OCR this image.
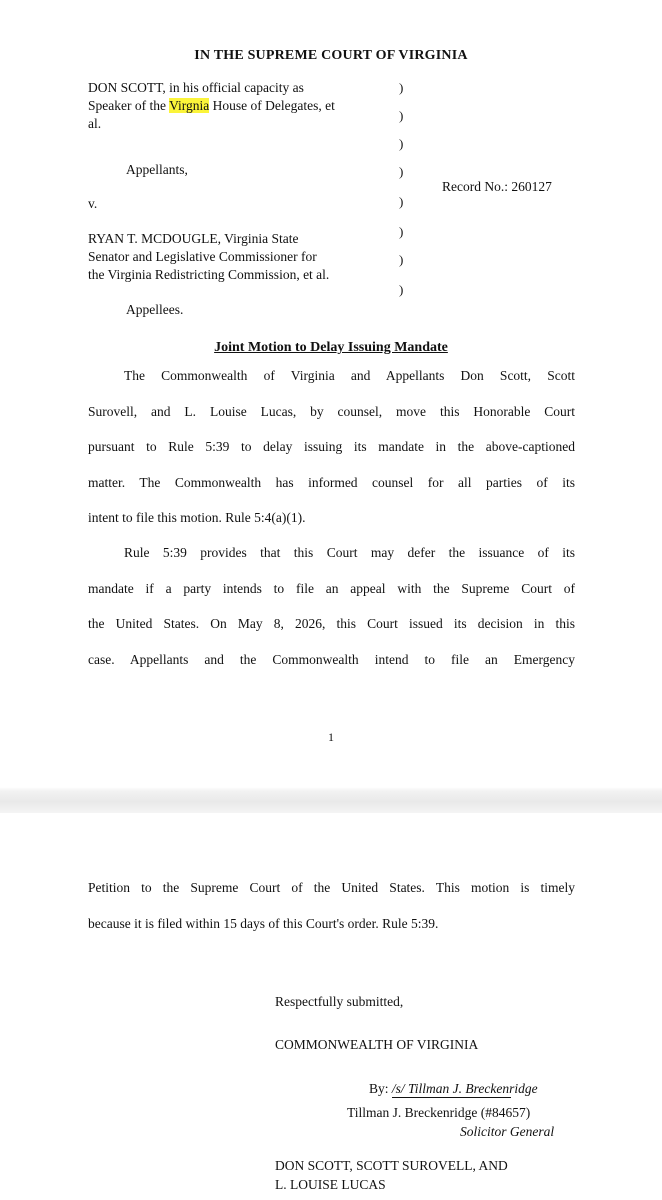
IN THE SUPREME COURT OF VIRGINIA
DON SCOTT, in his official capacity as
Speaker of the Virgnia House of Delegates, et
al.
Appellants,
v.
RYAN T. MCDOUGLE, Virginia State
Senator and Legislative Commissioner for
the Virginia Redistricting Commission, et al.
Appellees.
Record No.: 260127
)
)
)
)
)
)
)
)
Joint Motion to Delay Issuing Mandate
The Commonwealth of Virginia and Appellants Don Scott, Scott
Surovell, and L. Louise Lucas, by counsel, move this Honorable Court
pursuant to Rule 5:39 to delay issuing its mandate in the above-captioned
matter. The Commonwealth has informed counsel for all parties of its
intent to file this motion. Rule 5:4(a)(1).
Rule 5:39 provides that this Court may defer the issuance of its
mandate if a party intends to file an appeal with the Supreme Court of
the United States. On May 8, 2026, this Court issued its decision in this
case. Appellants and the Commonwealth intend to file an Emergency
1
Petition to the Supreme Court of the United States. This motion is timely
because it is filed within 15 days of this Court's order. Rule 5:39.
Respectfully submitted,
COMMONWEALTH OF VIRGINIA
By: /s/ Tillman J. Breckenridge
Tillman J. Breckenridge (#84657)
Solicitor General
DON SCOTT, SCOTT SUROVELL, AND
L. LOUISE LUCAS
